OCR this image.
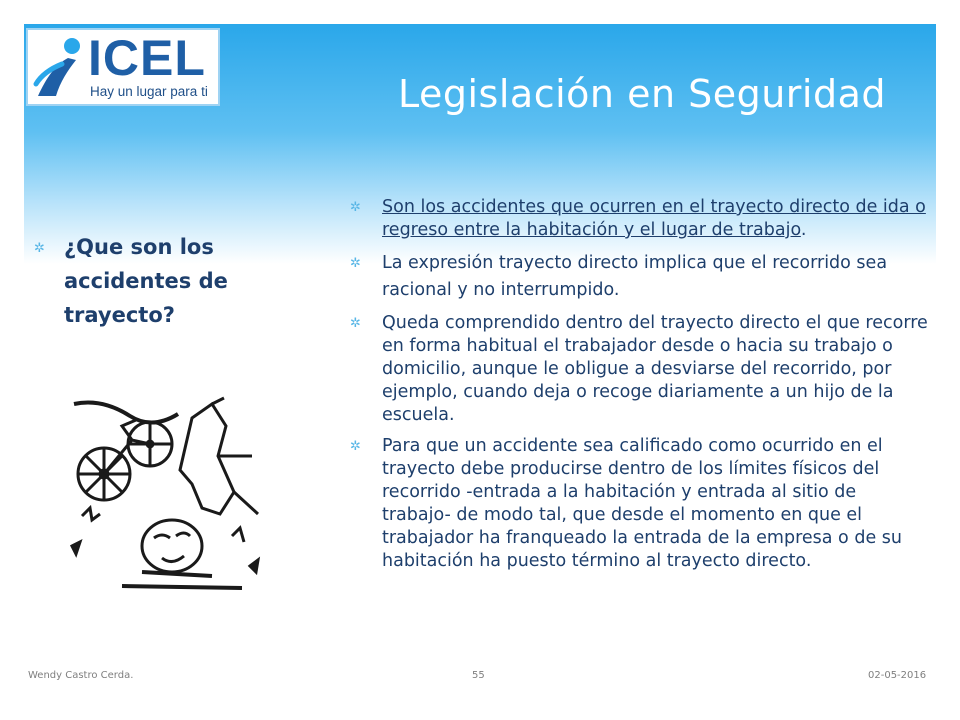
ICEL
Hay un lugar para ti	Legislación en Seguridad
✲ ¿Que son los accidentes de trayecto?
✲ Son los accidentes que ocurren en el trayecto directo de ida o regreso entre la habitación y el lugar de trabajo.
✲ La expresión trayecto directo implica que el recorrido sea racional y no interrumpido.
✲ Queda comprendido dentro del trayecto directo el que recorre en forma habitual el trabajador desde o hacia su trabajo o domicilio, aunque le obligue a desviarse del recorrido, por ejemplo, cuando deja o recoge diariamente a un hijo de la escuela.
✲ Para que un accidente sea calificado como ocurrido en el trayecto debe producirse dentro de los límites físicos del recorrido -entrada a la habitación y entrada al sitio de trabajo- de modo tal, que desde el momento en que el trabajador ha franqueado la entrada de la empresa o de su habitación ha puesto término al trayecto directo.
Wendy Castro Cerda.	55	02-05-2016
